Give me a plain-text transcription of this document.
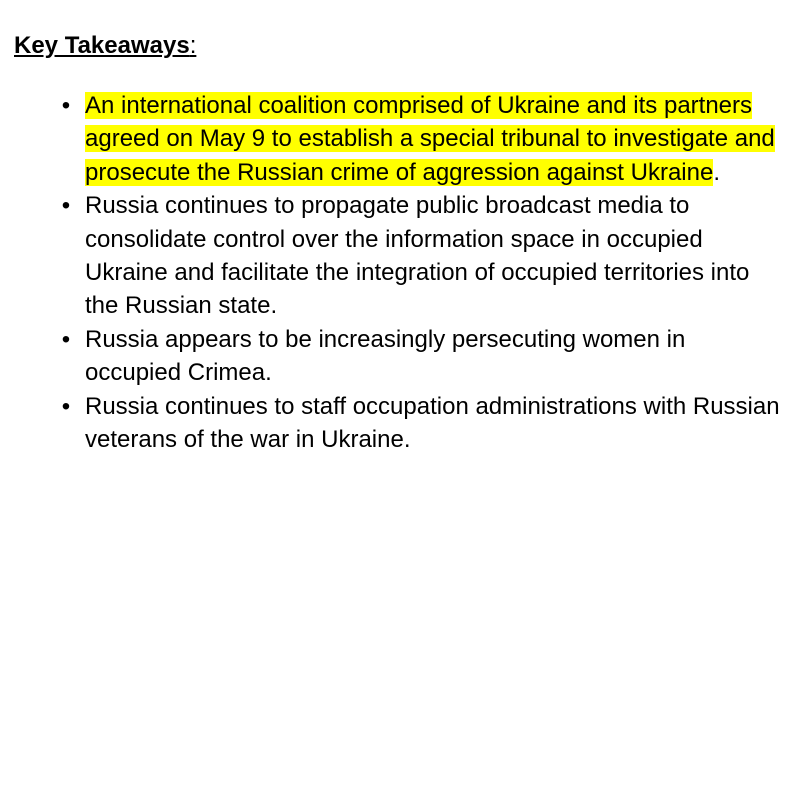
Key Takeaways:
• An international coalition comprised of Ukraine and its partners agreed on May 9 to establish a special tribunal to investigate and prosecute the Russian crime of aggression against Ukraine.
• Russia continues to propagate public broadcast media to consolidate control over the information space in occupied Ukraine and facilitate the integration of occupied territories into the Russian state.
• Russia appears to be increasingly persecuting women in occupied Crimea.
• Russia continues to staff occupation administrations with Russian veterans of the war in Ukraine.
